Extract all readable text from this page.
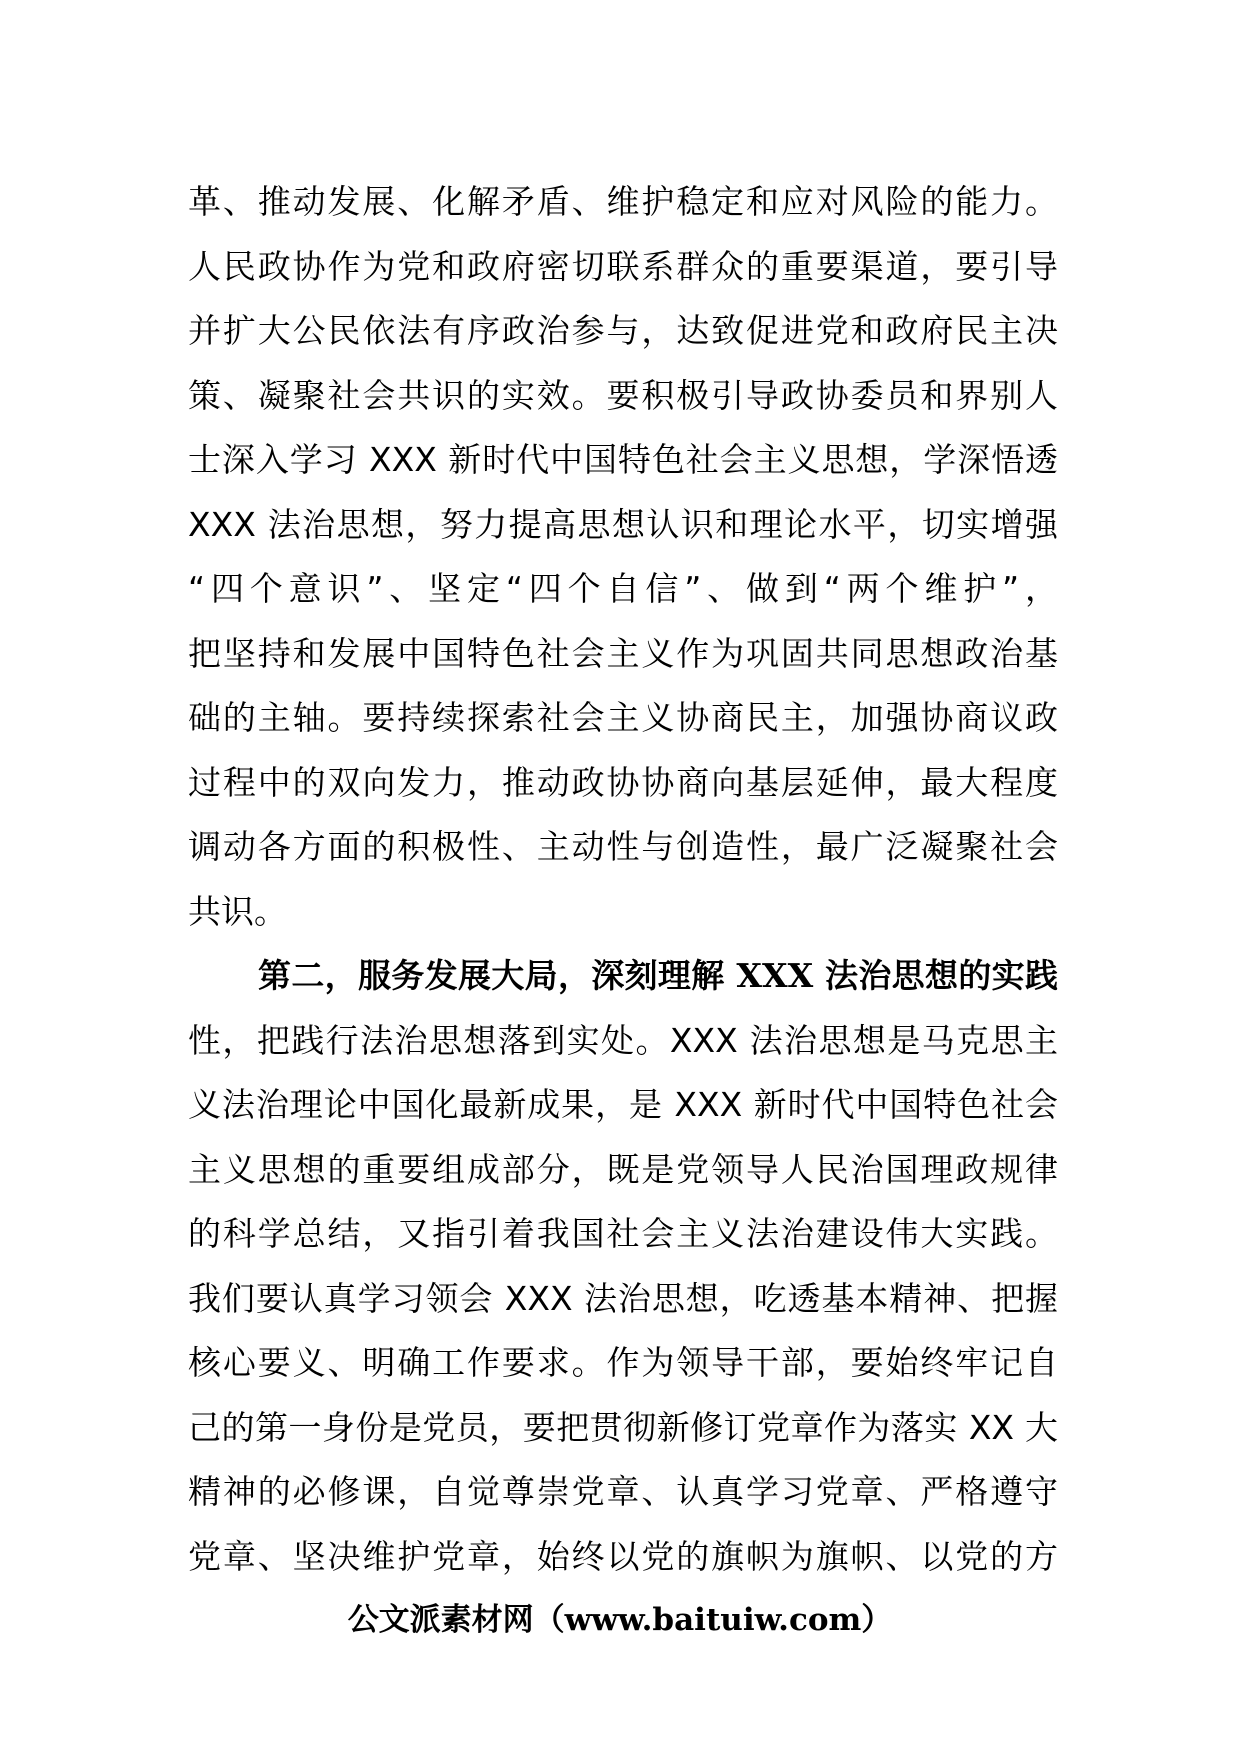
革、推动发展、化解矛盾、维护稳定和应对风险的能力。
人民政协作为党和政府密切联系群众的重要渠道，要引导
并扩大公民依法有序政治参与，达致促进党和政府民主决
策、凝聚社会共识的实效。要积极引导政协委员和界别人
士深入学习 XXX 新时代中国特色社会主义思想，学深悟透
XXX 法治思想，努力提高思想认识和理论水平，切实增强
“四个意识”、坚定“四个自信”、做到“两个维护”，
把坚持和发展中国特色社会主义作为巩固共同思想政治基
础的主轴。要持续探索社会主义协商民主，加强协商议政
过程中的双向发力，推动政协协商向基层延伸，最大程度
调动各方面的积极性、主动性与创造性，最广泛凝聚社会
共识。
第二，服务发展大局，深刻理解 XXX 法治思想的实践
性，把践行法治思想落到实处。XXX 法治思想是马克思主
义法治理论中国化最新成果，是 XXX 新时代中国特色社会
主义思想的重要组成部分，既是党领导人民治国理政规律
的科学总结，又指引着我国社会主义法治建设伟大实践。
我们要认真学习领会 XXX 法治思想，吃透基本精神、把握
核心要义、明确工作要求。作为领导干部，要始终牢记自
己的第一身份是党员，要把贯彻新修订党章作为落实 XX 大
精神的必修课，自觉尊崇党章、认真学习党章、严格遵守
党章、坚决维护党章，始终以党的旗帜为旗帜、以党的方
公文派素材网（www.baituiw.com）
